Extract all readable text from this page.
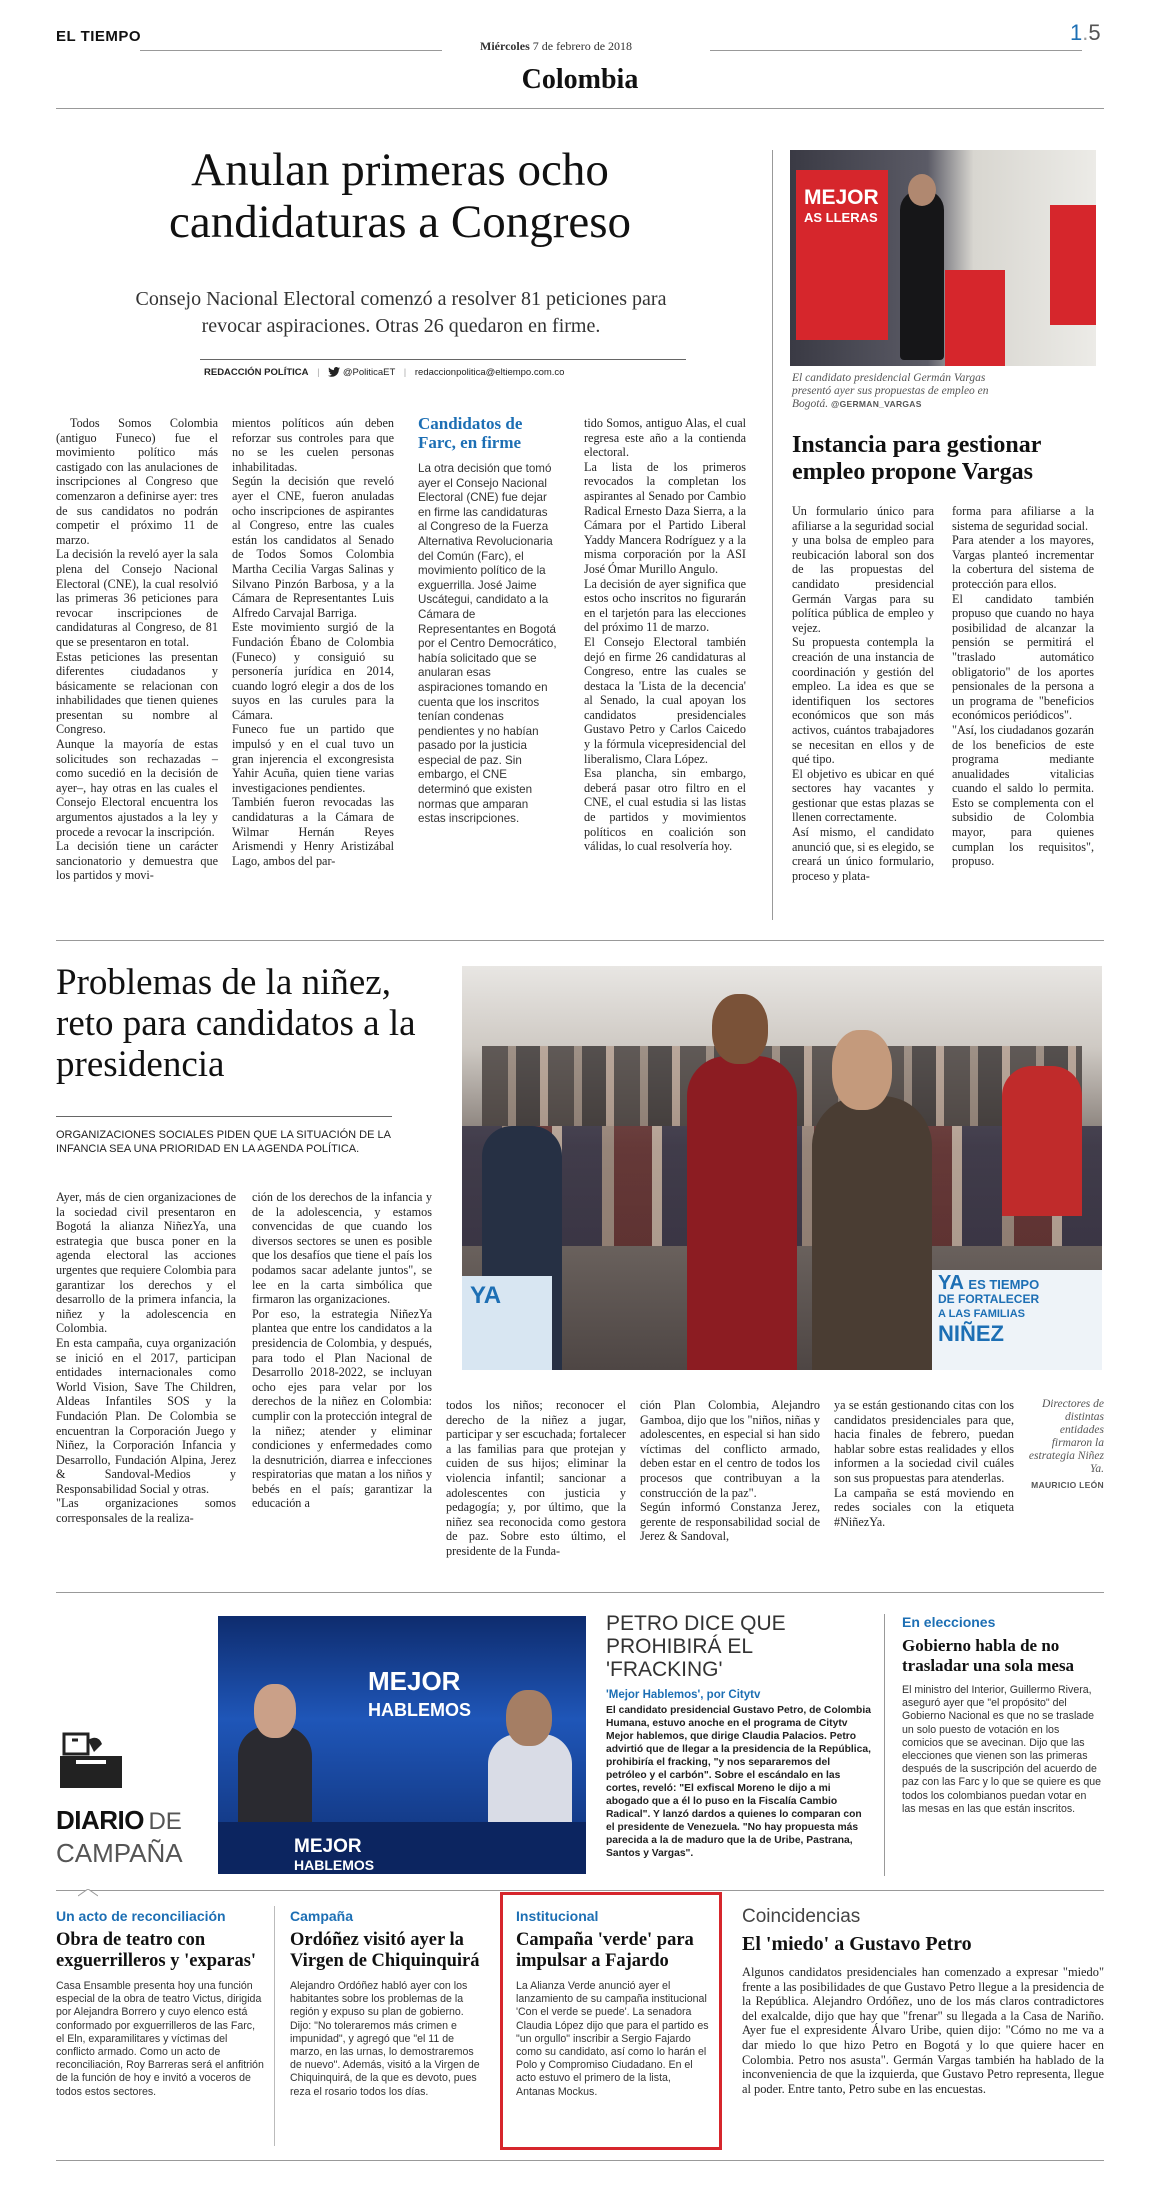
EL TIEMPO
Miércoles 7 de febrero de 2018
1.5
Colombia
Anulan primeras ocho candidaturas a Congreso
Consejo Nacional Electoral comenzó a resolver 81 peticiones para revocar aspiraciones. Otras 26 quedaron en firme.
REDACCIÓN POLÍTICA | @PoliticaET | redaccionpolitica@eltiempo.com.co
Todos Somos Colombia (antiguo Funeco) fue el movimiento político más castigado con las anulaciones de inscripciones al Congreso que comenzaron a definirse ayer: tres de sus candidatos no podrán competir el próximo 11 de marzo.
La decisión la reveló ayer la sala plena del Consejo Nacional Electoral (CNE), la cual resolvió las primeras 36 peticiones para revocar inscripciones de candidaturas al Congreso, de 81 que se presentaron en total.
Estas peticiones las presentan diferentes ciudadanos y básicamente se relacionan con inhabilidades que tienen quienes presentan su nombre al Congreso.
Aunque la mayoría de estas solicitudes son rechazadas –como sucedió en la decisión de ayer–, hay otras en las cuales el Consejo Electoral encuentra los argumentos ajustados a la ley y procede a revocar la inscripción.
La decisión tiene un carácter sancionatorio y demuestra que los partidos y movi-
mientos políticos aún deben reforzar sus controles para que no se les cuelen personas inhabilitadas.
Según la decisión que reveló ayer el CNE, fueron anuladas ocho inscripciones de aspirantes al Congreso, entre las cuales están los candidatos al Senado de Todos Somos Colombia Martha Cecilia Vargas Salinas y Silvano Pinzón Barbosa, y a la Cámara de Representantes Luis Alfredo Carvajal Barriga.
Este movimiento surgió de la Fundación Ébano de Colombia (Funeco) y consiguió su personería jurídica en 2014, cuando logró elegir a dos de los suyos en las curules para la Cámara.
Funeco fue un partido que impulsó y en el cual tuvo un gran injerencia el excongresista Yahir Acuña, quien tiene varias investigaciones pendientes.
También fueron revocadas las candidaturas a la Cámara de Wilmar Hernán Reyes Arismendi y Henry Aristizábal Lago, ambos del par-
Candidatos de Farc, en firme
La otra decisión que tomó ayer el Consejo Nacional Electoral (CNE) fue dejar en firme las candidaturas al Congreso de la Fuerza Alternativa Revolucionaria del Común (Farc), el movimiento político de la exguerrilla. José Jaime Uscátegui, candidato a la Cámara de Representantes en Bogotá por el Centro Democrático, había solicitado que se anularan esas aspiraciones tomando en cuenta que los inscritos tenían condenas pendientes y no habían pasado por la justicia especial de paz. Sin embargo, el CNE determinó que existen normas que amparan estas inscripciones.
tido Somos, antiguo Alas, el cual regresa este año a la contienda electoral.
La lista de los primeros revocados la completan los aspirantes al Senado por Cambio Radical Ernesto Daza Sierra, a la Cámara por el Partido Liberal Yaddy Mancera Rodríguez y a la misma corporación por la ASI José Ómar Murillo Angulo.
La decisión de ayer significa que estos ocho inscritos no figurarán en el tarjetón para las elecciones del próximo 11 de marzo.
El Consejo Electoral también dejó en firme 26 candidaturas al Congreso, entre las cuales se destaca la 'Lista de la decencia' al Senado, la cual apoyan los candidatos presidenciales Gustavo Petro y Carlos Caicedo y la fórmula vicepresidencial del liberalismo, Clara López.
Esa plancha, sin embargo, deberá pasar otro filtro en el CNE, el cual estudia si las listas de partidos y movimientos políticos en coalición son válidas, lo cual resolvería hoy.
MEJOR
AS LLERAS
El candidato presidencial Germán Vargas presentó ayer sus propuestas de empleo en Bogotá. @GERMAN_VARGAS
Instancia para gestionar empleo propone Vargas
Un formulario único para afiliarse a la seguridad social y una bolsa de empleo para reubicación laboral son dos de las propuestas del candidato presidencial Germán Vargas para su política pública de empleo y vejez.
Su propuesta contempla la creación de una instancia de coordinación y gestión del empleo. La idea es que se identifiquen los sectores económicos que son más activos, cuántos trabajadores se necesitan en ellos y de qué tipo.
El objetivo es ubicar en qué sectores hay vacantes y gestionar que estas plazas se llenen correctamente.
Así mismo, el candidato anunció que, si es elegido, se creará un único formulario, proceso y plata-
forma para afiliarse a la sistema de seguridad social.
Para atender a los mayores, Vargas planteó incrementar la cobertura del sistema de protección para ellos.
El candidato también propuso que cuando no haya posibilidad de alcanzar la pensión se permitirá el "traslado automático obligatorio" de los aportes pensionales de la persona a un programa de "beneficios económicos periódicos".
"Así, los ciudadanos gozarán de los beneficios de este programa mediante anualidades vitalicias cuando el saldo lo permita. Esto se complementa con el subsidio de Colombia mayor, para quienes cumplan los requisitos", propuso.
Problemas de la niñez, reto para candidatos a la presidencia
ORGANIZACIONES SOCIALES PIDEN QUE LA SITUACIÓN DE LA INFANCIA SEA UNA PRIORIDAD EN LA AGENDA POLÍTICA.
YA	YA ES TIEMPO
DE FORTALECER
A LAS FAMILIAS
NIÑEZ
Ayer, más de cien organizaciones de la sociedad civil presentaron en Bogotá la alianza NiñezYa, una estrategia que busca poner en la agenda electoral las acciones urgentes que requiere Colombia para garantizar los derechos y el desarrollo de la primera infancia, la niñez y la adolescencia en Colombia.
En esta campaña, cuya organización se inició en el 2017, participan entidades internacionales como World Vision, Save The Children, Aldeas Infantiles SOS y la Fundación Plan. De Colombia se encuentran la Corporación Juego y Niñez, la Corporación Infancia y Desarrollo, Fundación Alpina, Jerez & Sandoval-Medios y Responsabilidad Social y otras.
"Las organizaciones somos corresponsales de la realiza-
ción de los derechos de la infancia y de la adolescencia, y estamos convencidas de que cuando los diversos sectores se unen es posible que los desafíos que tiene el país los podamos sacar adelante juntos", se lee en la carta simbólica que firmaron las organizaciones.
Por eso, la estrategia NiñezYa plantea que entre los candidatos a la presidencia de Colombia, y después, para todo el Plan Nacional de Desarrollo 2018-2022, se incluyan ocho ejes para velar por los derechos de la niñez en Colombia: cumplir con la protección integral de la niñez; atender y eliminar condiciones y enfermedades como la desnutrición, diarrea e infecciones respiratorias que matan a los niños y bebés en el país; garantizar la educación a
todos los niños; reconocer el derecho de la niñez a jugar, participar y ser escuchada; fortalecer a las familias para que protejan y cuiden de sus hijos; eliminar la violencia infantil; sancionar a adolescentes con justicia y pedagogía; y, por último, que la niñez sea reconocida como gestora de paz. Sobre esto último, el presidente de la Funda-
ción Plan Colombia, Alejandro Gamboa, dijo que los "niños, niñas y adolescentes, en especial si han sido víctimas del conflicto armado, deben estar en el centro de todos los procesos que contribuyan a la construcción de la paz".
Según informó Constanza Jerez, gerente de responsabilidad social de Jerez & Sandoval,
ya se están gestionando citas con los candidatos presidenciales para que, hacia finales de febrero, puedan hablar sobre estas realidades y ellos informen a la sociedad civil cuáles son sus propuestas para atenderlas.
La campaña se está moviendo en redes sociales con la etiqueta #NiñezYa.
Directores de distintas entidades firmaron la estrategia Niñez Ya.
MAURICIO LEÓN
DIARIO DE
CAMPAÑA
MEJOR
HABLEMOS
MEJOR
HABLEMOS
PETRO DICE QUE PROHIBIRÁ EL 'FRACKING'
'Mejor Hablemos', por Citytv
El candidato presidencial Gustavo Petro, de Colombia Humana, estuvo anoche en el programa de Citytv Mejor hablemos, que dirige Claudia Palacios. Petro advirtió que de llegar a la presidencia de la República, prohibiría el fracking, "y nos separaremos del petróleo y el carbón". Sobre el escándalo en las cortes, reveló: "El exfiscal Moreno le dijo a mi abogado que a él lo puso en la Fiscalía Cambio Radical". Y lanzó dardos a quienes lo comparan con el presidente de Venezuela. "No hay propuesta más parecida a la de maduro que la de Uribe, Pastrana, Santos y Vargas".
En elecciones
Gobierno habla de no trasladar una sola mesa
El ministro del Interior, Guillermo Rivera, aseguró ayer que "el propósito" del Gobierno Nacional es que no se traslade un solo puesto de votación en los comicios que se avecinan. Dijo que las elecciones que vienen son las primeras después de la suscripción del acuerdo de paz con las Farc y lo que se quiere es que todos los colombianos puedan votar en las mesas en las que están inscritos.
Un acto de reconciliación
Obra de teatro con exguerrilleros y 'exparas'
Casa Ensamble presenta hoy una función especial de la obra de teatro Victus, dirigida por Alejandra Borrero y cuyo elenco está conformado por exguerrilleros de las Farc, el Eln, exparamilitares y víctimas del conflicto armado. Como un acto de reconciliación, Roy Barreras será el anfitrión de la función de hoy e invitó a voceros de todos estos sectores.
Campaña
Ordóñez visitó ayer la Virgen de Chiquinquirá
Alejandro Ordóñez habló ayer con los habitantes sobre los problemas de la región y expuso su plan de gobierno. Dijo: "No toleraremos más crimen e impunidad", y agregó que "el 11 de marzo, en las urnas, lo demostraremos de nuevo". Además, visitó a la Virgen de Chiquinquirá, de la que es devoto, pues reza el rosario todos los días.
Institucional
Campaña 'verde' para impulsar a Fajardo
La Alianza Verde anunció ayer el lanzamiento de su campaña institucional 'Con el verde se puede'. La senadora Claudia López dijo que para el partido es "un orgullo" inscribir a Sergio Fajardo como su candidato, así como lo harán el Polo y Compromiso Ciudadano. En el acto estuvo el primero de la lista, Antanas Mockus.
Coincidencias
El 'miedo' a Gustavo Petro
Algunos candidatos presidenciales han comenzado a expresar "miedo" frente a las posibilidades de que Gustavo Petro llegue a la presidencia de la República. Alejandro Ordóñez, uno de los más claros contradictores del exalcalde, dijo que hay que "frenar" su llegada a la Casa de Nariño. Ayer fue el expresidente Álvaro Uribe, quien dijo: "Cómo no me va a dar miedo lo que hizo Petro en Bogotá y lo que quiere hacer en Colombia. Petro nos asusta". Germán Vargas también ha hablado de la inconveniencia de que la izquierda, que Gustavo Petro representa, llegue al poder. Entre tanto, Petro sube en las encuestas.
